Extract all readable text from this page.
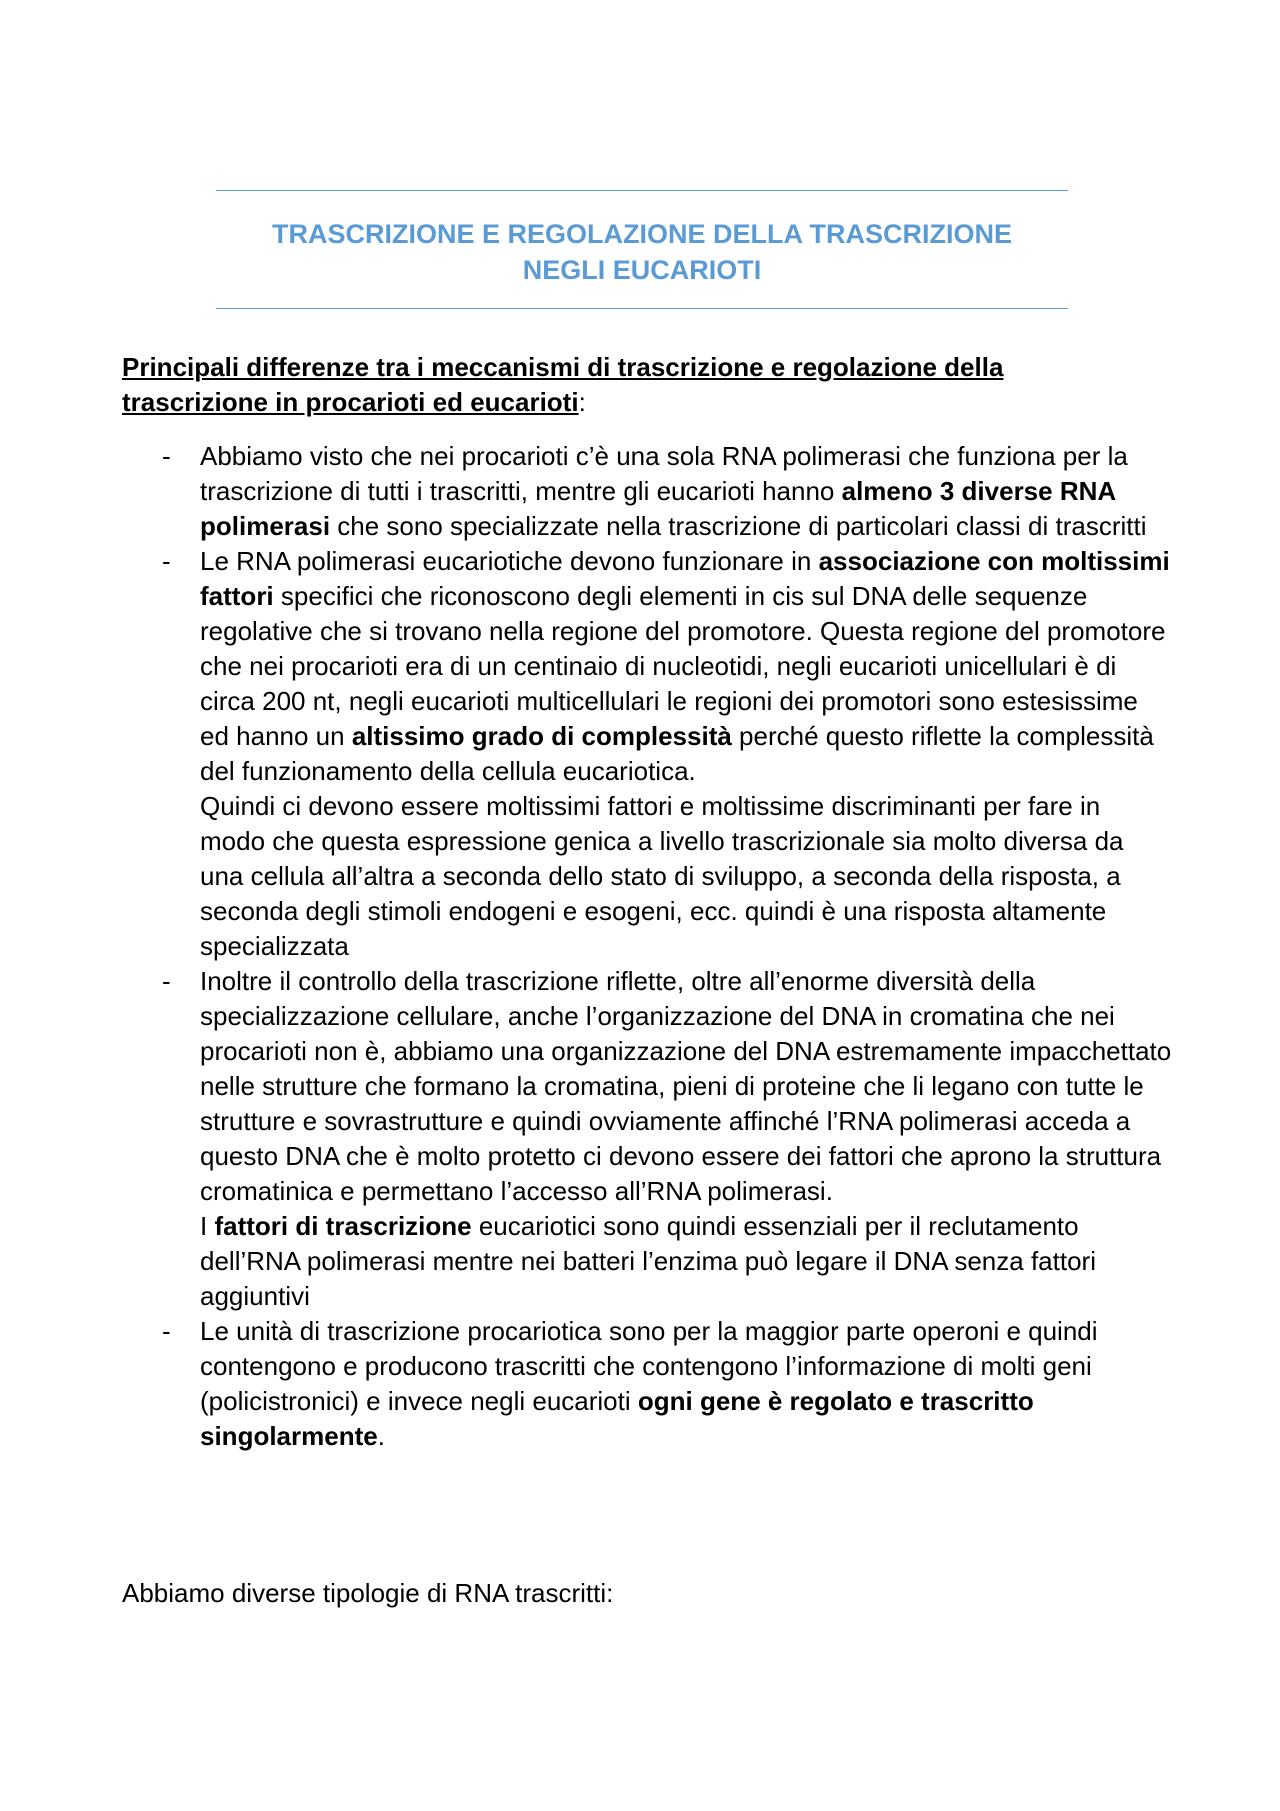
TRASCRIZIONE E REGOLAZIONE DELLA TRASCRIZIONE
NEGLI EUCARIOTI
Principali differenze tra i meccanismi di trascrizione e regolazione della trascrizione in procarioti ed eucarioti:
- Abbiamo visto che nei procarioti c’è una sola RNA polimerasi che funziona per la trascrizione di tutti i trascritti, mentre gli eucarioti hanno almeno 3 diverse RNA polimerasi che sono specializzate nella trascrizione di particolari classi di trascritti
- Le RNA polimerasi eucariotiche devono funzionare in associazione con moltissimi fattori specifici che riconoscono degli elementi in cis sul DNA delle sequenze regolative che si trovano nella regione del promotore. Questa regione del promotore che nei procarioti era di un centinaio di nucleotidi, negli eucarioti unicellulari è di circa 200 nt, negli eucarioti multicellulari le regioni dei promotori sono estesissime ed hanno un altissimo grado di complessità perché questo riflette la complessità del funzionamento della cellula eucariotica.
Quindi ci devono essere moltissimi fattori e moltissime discriminanti per fare in modo che questa espressione genica a livello trascrizionale sia molto diversa da una cellula all’altra a seconda dello stato di sviluppo, a seconda della risposta, a seconda degli stimoli endogeni e esogeni, ecc. quindi è una risposta altamente specializzata
- Inoltre il controllo della trascrizione riflette, oltre all’enorme diversità della specializzazione cellulare, anche l’organizzazione del DNA in cromatina che nei procarioti non è, abbiamo una organizzazione del DNA estremamente impacchettato nelle strutture che formano la cromatina, pieni di proteine che li legano con tutte le strutture e sovrastrutture e quindi ovviamente affinché l’RNA polimerasi acceda a questo DNA che è molto protetto ci devono essere dei fattori che aprono la struttura cromatinica e permettano l’accesso all’RNA polimerasi.
I fattori di trascrizione eucariotici sono quindi essenziali per il reclutamento dell’RNA polimerasi mentre nei batteri l’enzima può legare il DNA senza fattori aggiuntivi
- Le unità di trascrizione procariotica sono per la maggior parte operoni e quindi contengono e producono trascritti che contengono l’informazione di molti geni (policistronici) e invece negli eucarioti ogni gene è regolato e trascritto singolarmente.
Abbiamo diverse tipologie di RNA trascritti:
